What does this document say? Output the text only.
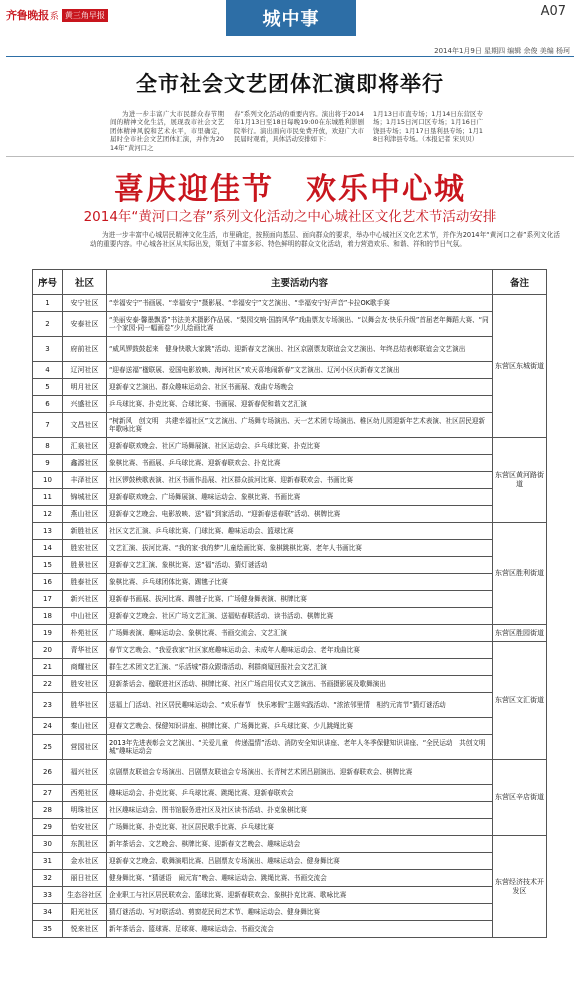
齐鲁晚报 系 黄三角早报	城中事	A07
2014年1月9日 星期四 编辑 余俊 美编 杨珂
全市社会文艺团体汇演即将举行
为进一步丰富广大市民群众春节期间的精神文化生活，展现我市社会文艺团体精神风貌和艺术水平，市里确定，届时全市社会文艺团体汇演，并作为2014年“黄河口之
春”系列文化活动的重要内容。演出将于2014年1月13日至18日每晚19:00在东城胜利影剧院举行。演出面向市民免费开放，欢迎广大市民届时观看，具体活动安排如下：
1月13日市直专场；1月14日东营区专场；1月15日河口区专场；1月16日广饶县专场；1月17日垦利县专场；1月18日利津县专场。（本报记者 宋贝贝）
喜庆迎佳节　欢乐中心城
2014年“黄河口之春”系列文化活动之中心城社区文化艺术节活动安排
为进一步丰富中心城居民精神文化生活，市里确定，按照面向基层、面向群众的要求，举办中心城社区文化艺术节，并作为2014年“黄河口之春”系列文化活动的重要内容。中心城各社区从实际出发，策划了丰富多彩、特色鲜明的群众文化活动，着力营造欢乐、和谐、祥和的节日气氛。
序号	社区	主要活动内容	备注
1	安宁社区	“幸福安宁”书画展、“幸福安宁”摄影展、“幸福安宁”文艺演出、“幸福安宁好声音”卡拉OK歌手赛	东营区东城街道
2	安泰社区	“美丽安泰·馨墨飘香”书法美术摄影作品展、“梨园交响·国韵风华”戏曲票友专场演出、“以舞会友·快乐升级”首届老年舞蹈大赛、“同一个家园·同一幅画卷”少儿绘画比赛	
3	府前社区	“威风锣鼓鼓起来　健身快歌大家跳”活动、迎新春文艺演出、社区京剧票友联谊会文艺演出、年终总结表彰联谊会文艺演出	
4	辽河社区	“迎春送福”楹联展、爱国电影放映、海河社区“欢天喜地闹新春”文艺演出、辽河小区庆新春文艺演出	
5	明月社区	迎新春文艺演出、群众趣味运动会、社区书画展、戏曲专场晚会	
6	兴盛社区	乒乓球比赛、扑克比赛、合球比赛、书画展、迎新春促和谐文艺汇演	
7	文昌社区	“树新风　创文明　共建幸福社区”文艺演出、广场舞专场演出、天一艺术团专场演出、稚区幼儿园迎新年艺术表演、社区居民迎新年歌咏比赛	
8	汇泉社区	迎新春联欢晚会、社区广场舞展演、社区运动会、乒乓球比赛、扑克比赛	东营区黄河路街道
9	鑫源社区	象棋比赛、书画展、乒乓球比赛、迎新春联欢会、扑克比赛	
10	丰泽社区	社区锣鼓秧歌表演、社区书画作品展、社区群众拔河比赛、迎新春联欢会、书画比赛	
11	锦城社区	迎新春联欢晚会、广场舞展演、趣味运动会、象棋比赛、书画比赛	
12	燕山社区	迎新春文艺晚会、电影放映、送“福”到家活动、“迎新春送春联”活动、棋牌比赛	
13	新胜社区	社区文艺汇演、乒乓球比赛、门球比赛、趣味运动会、篮球比赛	东营区胜利街道
14	胜宏社区	文艺汇演、拔河比赛、“我的家·我的梦”儿童绘画比赛、象棋跳棋比赛、老年人书画比赛	
15	胜景社区	迎新春文艺汇演、象棋比赛、送“福”活动、猜灯谜活动	
16	胜泰社区	象棋比赛、乒乓球团体比赛、踢毽子比赛	
17	新兴社区	迎新春书画展、拔河比赛、踢毽子比赛、广场健身舞表演、棋牌比赛	
18	中山社区	迎新春文艺晚会、社区广场文艺汇演、送福贴春联活动、读书活动、棋牌比赛	
19	朴苑社区	广场舞表演、趣味运动会、象棋比赛、书画交流会、文艺汇演	东营区胜园街道
20	青华社区	春节文艺晚会、“我爱我家”社区家庭趣味运动会、未成年人趣味运动会、老年戏曲比赛	东营区文汇街道
21	商耀社区	群生艺术团文艺汇演、“乐活城”群众跟谐活动、利群商厦回报社会文艺汇演	
22	胜安社区	迎新茶话会、楹联进社区活动、棋牌比赛、社区广场启用仪式文艺演出、书画摄影展及歌舞演出	
23	胜华社区	送福上门活动、社区居民趣味运动会、“欢乐春节　快乐寒假”主题实践活动、“浓浓邻里情　相约元宵节”猜灯谜活动	
24	秦山社区	迎春文艺晚会、保健知识讲座、棋牌比赛、广场舞比赛、乒乓球比赛、少儿跳绳比赛	
25	营园社区	2013年先进表彰会文艺演出、“关爱儿童　传递温情”活动、消防安全知识讲座、老年人冬季保健知识讲座、“全民运动　共创文明城”趣味运动会	
26	福兴社区	京剧票友联谊会专场演出、吕剧票友联谊会专场演出、长青树艺术团吕剧演出、迎新春联欢会、棋牌比赛	东营区辛店街道
27	西苑社区	趣味运动会、扑克比赛、乒乓球比赛、跳绳比赛、迎新春联欢会	
28	明珠社区	社区趣味运动会、图书馆服务进社区及社区读书活动、扑克象棋比赛	
29	怡安社区	广场舞比赛、扑克比赛、社区居民歌手比赛、乒乓球比赛	
30	东凯社区	新年茶话会、文艺晚会、棋牌比赛、迎新春文艺晚会、趣味运动会	东营经济技术开发区
31	金水社区	迎新春文艺晚会、歌舞演唱比赛、吕剧票友专场演出、趣味运动会、健身舞比赛	
32	丽日社区	健身舞比赛、“猜谜语　闹元宵”晚会、趣味运动会、跳绳比赛、书画交流会	
33	生态谷社区	企业职工与社区居民联欢会、篮球比赛、迎新春联欢会、象棋扑克比赛、歌咏比赛	
34	阳光社区	猜灯谜活动、写对联活动、剪窗花民间艺术节、趣味运动会、健身舞比赛	
35	悦来社区	新年茶话会、篮球赛、足球赛、趣味运动会、书画交流会	
